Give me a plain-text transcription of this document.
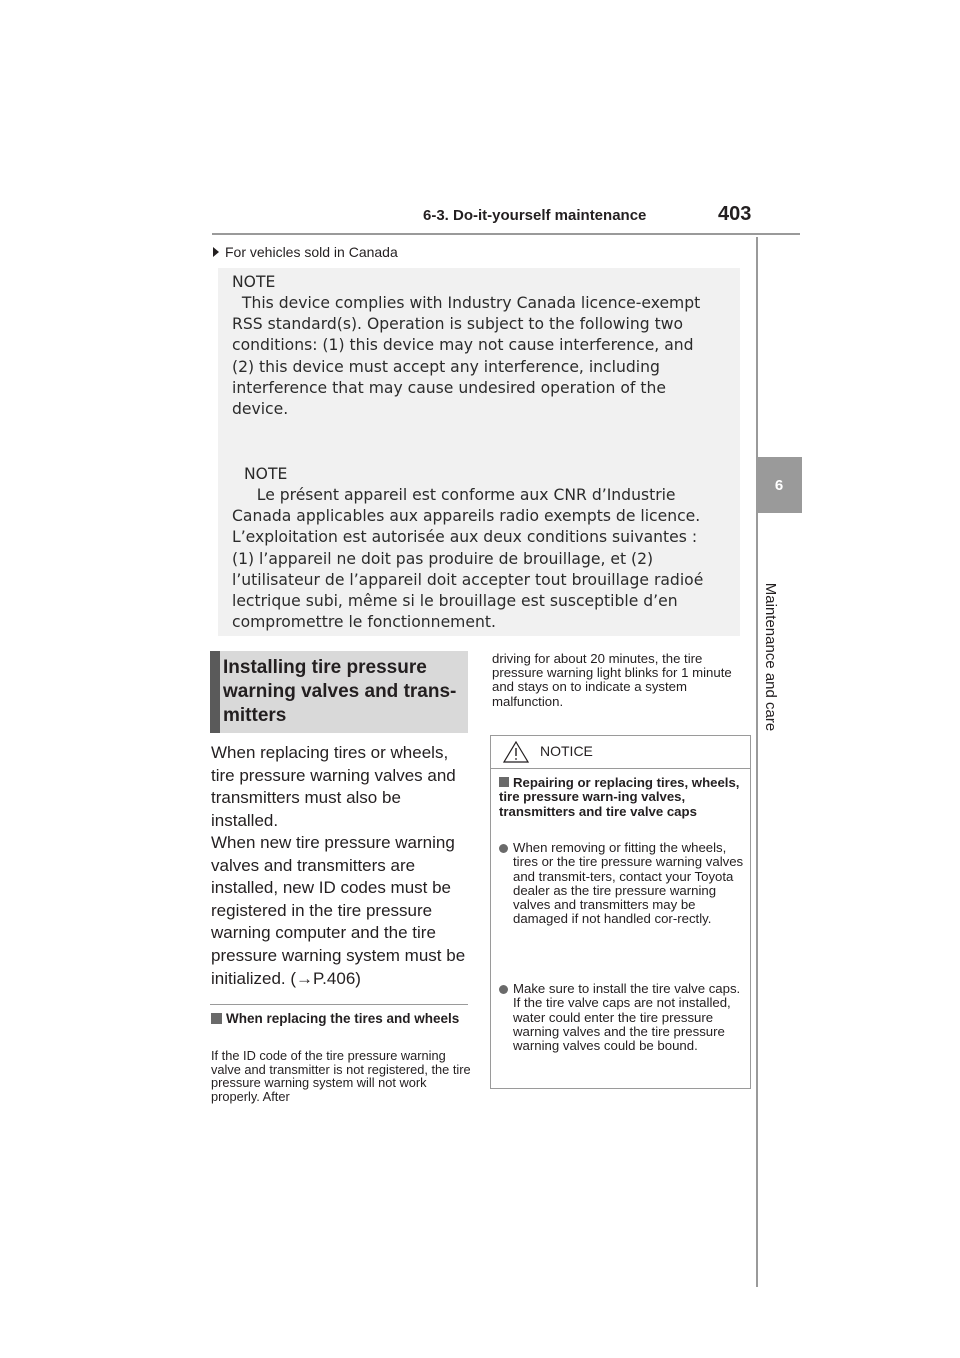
6-3. Do-it-yourself maintenance	403
6
Maintenance and care
For vehicles sold in Canada
NOTE
This device complies with Industry Canada licence-exempt
RSS standard(s). Operation is subject to the following two
conditions: (1) this device may not cause interference, and
(2) this device must accept any interference, including
interference that may cause undesired operation of the
device.
NOTE
Le présent appareil est conforme aux CNR d’Industrie
Canada applicables aux appareils radio exempts de licence.
L’exploitation est autorisée aux deux conditions suivantes :
(1) l’appareil ne doit pas produire de brouillage, et (2)
l’utilisateur de l’appareil doit accepter tout brouillage radioé
lectrique subi, même si le brouillage est susceptible d’en
compromettre le fonctionnement.
Installing tire pressure warning valves and trans-mitters

When replacing tires or wheels, tire pressure warning valves and transmitters must also be installed.

When new tire pressure warning valves and transmitters are installed, new ID codes must be registered in the tire pressure warning computer and the tire pressure warning system must be initialized. (→P.406)

When replacing the tires and wheels
If the ID code of the tire pressure warning valve and transmitter is not registered, the tire pressure warning system will not work properly. After
driving for about 20 minutes, the tire pressure warning light blinks for 1 minute and stays on to indicate a system malfunction.
NOTICE
Repairing or replacing tires, wheels, tire pressure warn-ing valves, transmitters and tire valve caps
When removing or fitting the wheels, tires or the tire pressure warning valves and transmit-ters, contact your Toyota dealer as the tire pressure warning valves and transmitters may be damaged if not handled cor-rectly.
Make sure to install the tire valve caps. If the tire valve caps are not installed, water could enter the tire pressure warning valves and the tire pressure warning valves could be bound.
